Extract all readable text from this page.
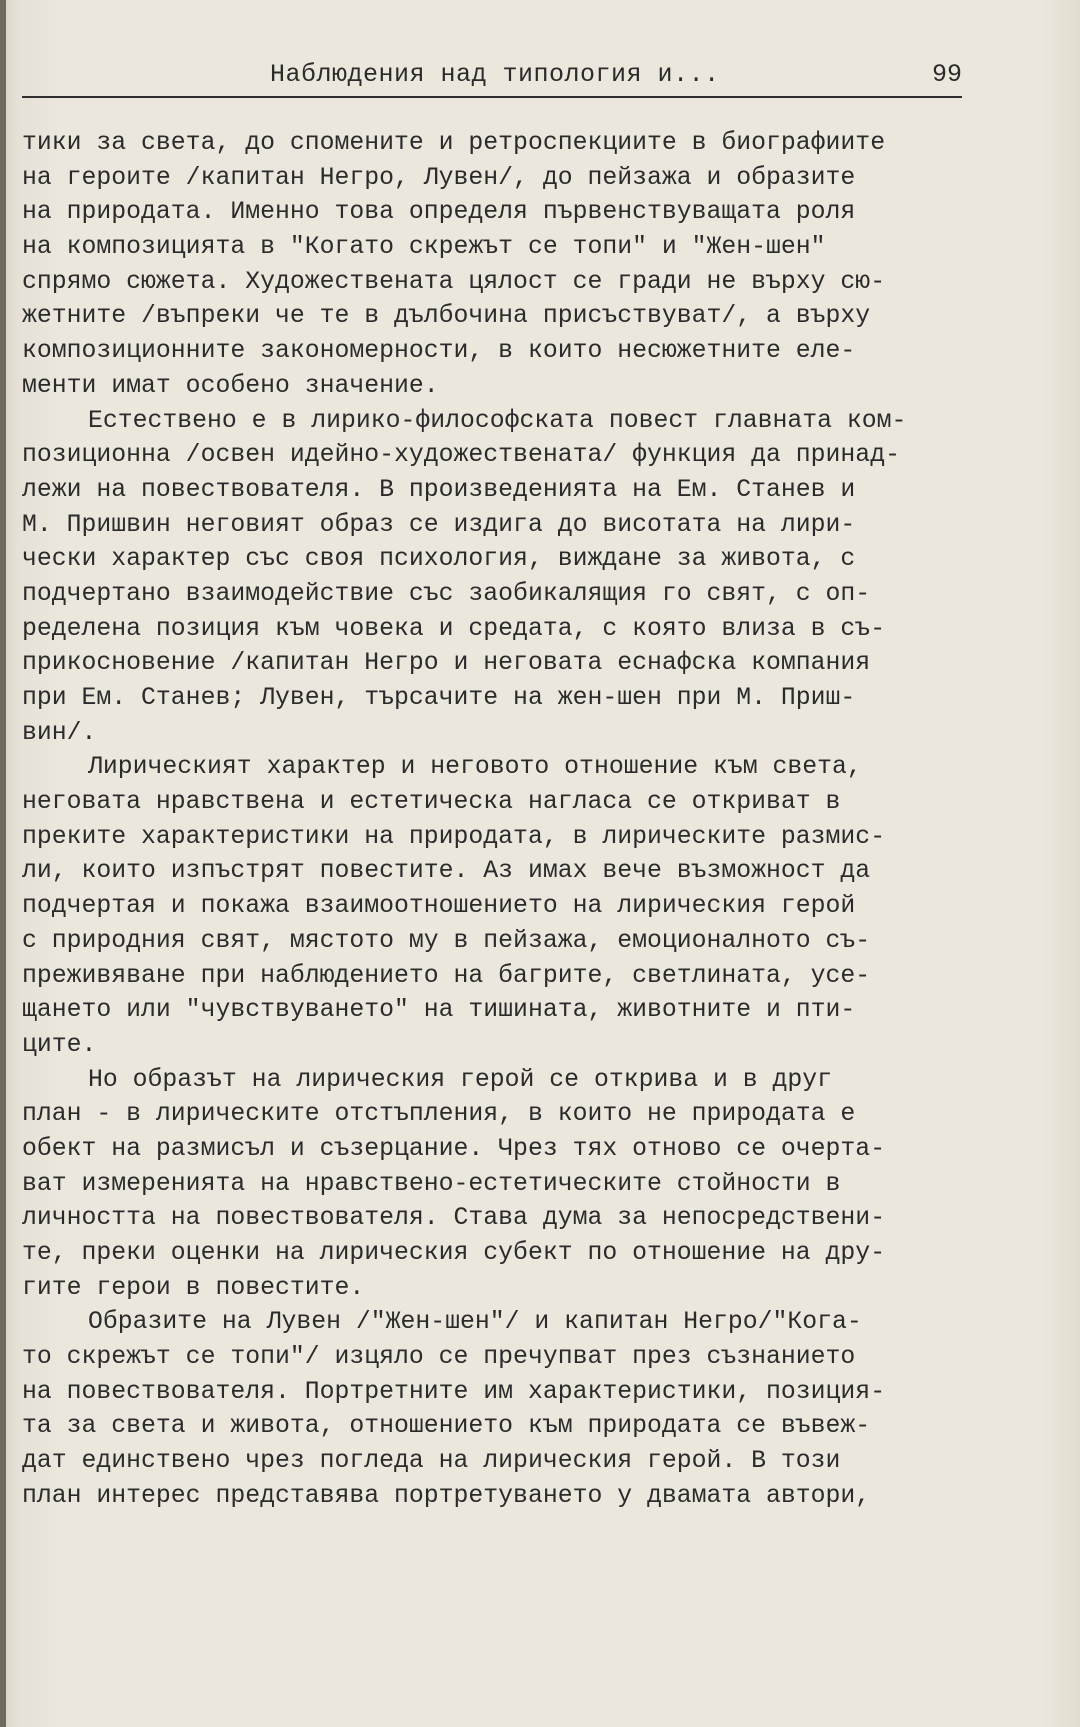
Наблюдения над типология и...	99
тики за света, до спомените и ретроспекциите в биографиите
на героите /капитан Негро, Лувен/, до пейзажа и образите
на природата. Именно това определя първенствуващата роля
на композицията в "Когато скрежът се топи" и "Жен-шен"
спрямо сюжета. Художествената цялост се гради не върху сю-
жетните /въпреки че те в дълбочина присъствуват/, а върху
композиционните закономерности, в които несюжетните еле-
менти имат особено значение.
Естествено е в лирико-философската повест главната ком-
позиционна /освен идейно-художествената/ функция да принад-
лежи на повествователя. В произведенията на Ем. Станев и
М. Пришвин неговият образ се издига до висотата на лири-
чески характер със своя психология, виждане за живота, с
подчертано взаимодействие със заобикалящия го свят, с оп-
ределена позиция към човека и средата, с която влиза в съ-
прикосновение /капитан Негро и неговата еснафска компания
при Ем. Станев; Лувен, търсачите на жен-шен при М. Приш-
вин/.
Лирическият характер и неговото отношение към света,
неговата нравствена и естетическа нагласа се откриват в
преките характеристики на природата, в лирическите размис-
ли, които изпъстрят повестите. Аз имах вече възможност да
подчертая и покажа взаимоотношението на лирическия герой
с природния свят, мястото му в пейзажа, емоционалното съ-
преживяване при наблюдението на багрите, светлината, усе-
щането или "чувствуването" на тишината, животните и пти-
ците.
Но образът на лирическия герой се открива и в друг
план - в лирическите отстъпления, в които не природата е
обект на размисъл и съзерцание. Чрез тях отново се очерта-
ват измеренията на нравствено-естетическите стойности в
личността на повествователя. Става дума за непосредствени-
те, преки оценки на лирическия субект по отношение на дру-
гите герои в повестите.
Образите на Лувен /"Жен-шен"/ и капитан Негро/"Кога-
то скрежът се топи"/ изцяло се пречупват през съзнанието
на повествователя. Портретните им характеристики, позиция-
та за света и живота, отношението към природата се въвеж-
дат единствено чрез погледа на лирическия герой. В този
план интерес представява портретуването у двамата автори,
